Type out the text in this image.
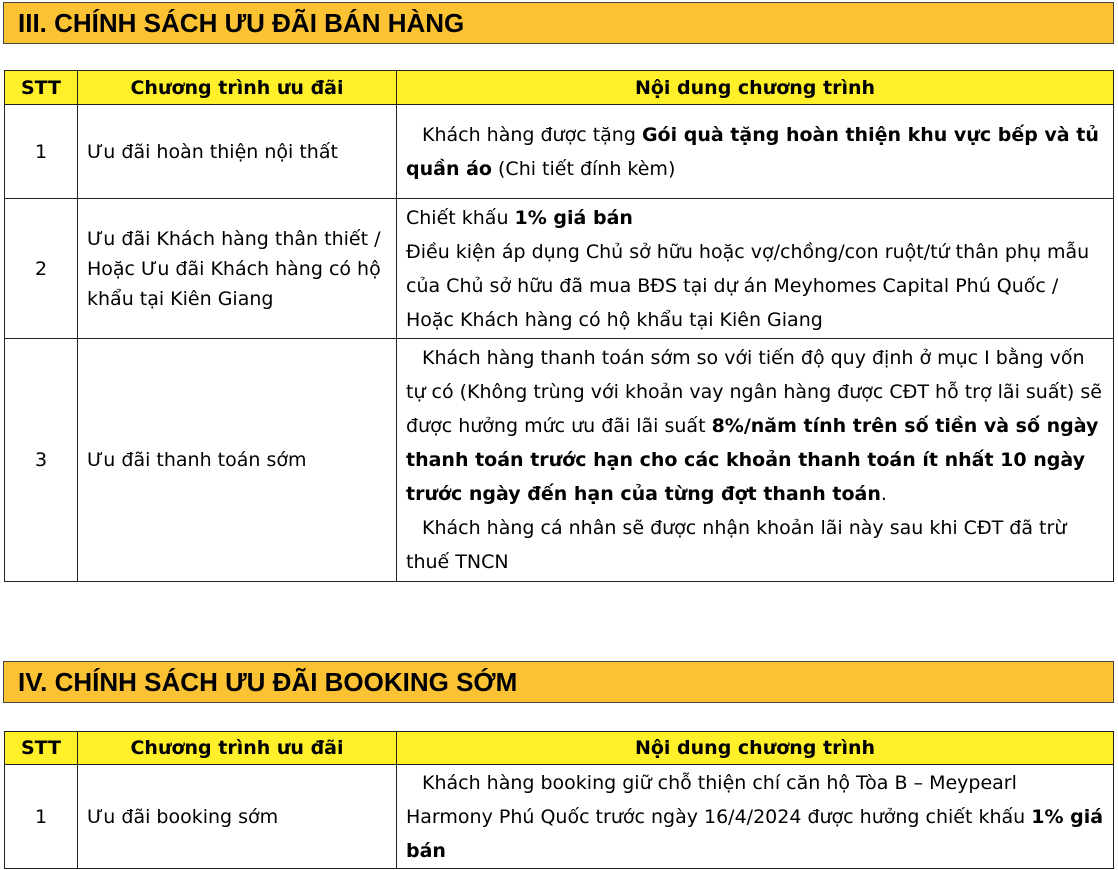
III. CHÍNH SÁCH ƯU ĐÃI BÁN HÀNG
STT	Chương trình ưu đãi	Nội dung chương trình
1	Ưu đãi hoàn thiện nội thất	Khách hàng được tặng Gói quà tặng hoàn thiện khu vực bếp và tủ quần áo (Chi tiết đính kèm)
2	Ưu đãi Khách hàng thân thiết / Hoặc Ưu đãi Khách hàng có hộ khẩu tại Kiên Giang	Chiết khấu 1% giá bán
Điều kiện áp dụng Chủ sở hữu hoặc vợ/chồng/con ruột/tứ thân phụ mẫu của Chủ sở hữu đã mua BĐS tại dự án Meyhomes Capital Phú Quốc / Hoặc Khách hàng có hộ khẩu tại Kiên Giang

3	Ưu đãi thanh toán sớm	Khách hàng thanh toán sớm so với tiến độ quy định ở mục I bằng vốn tự có (Không trùng với khoản vay ngân hàng được CĐT hỗ trợ lãi suất) sẽ được hưởng mức ưu đãi lãi suất 8%/năm tính trên số tiền và số ngày thanh toán trước hạn cho các khoản thanh toán ít nhất 10 ngày trước ngày đến hạn của từng đợt thanh toán.
Khách hàng cá nhân sẽ được nhận khoản lãi này sau khi CĐT đã trừ thuế TNCN
IV. CHÍNH SÁCH ƯU ĐÃI BOOKING SỚM
STT	Chương trình ưu đãi	Nội dung chương trình
1	Ưu đãi booking sớm	Khách hàng booking giữ chỗ thiện chí căn hộ Tòa B – Meypearl Harmony Phú Quốc trước ngày 16/4/2024 được hưởng chiết khấu 1% giá bán
